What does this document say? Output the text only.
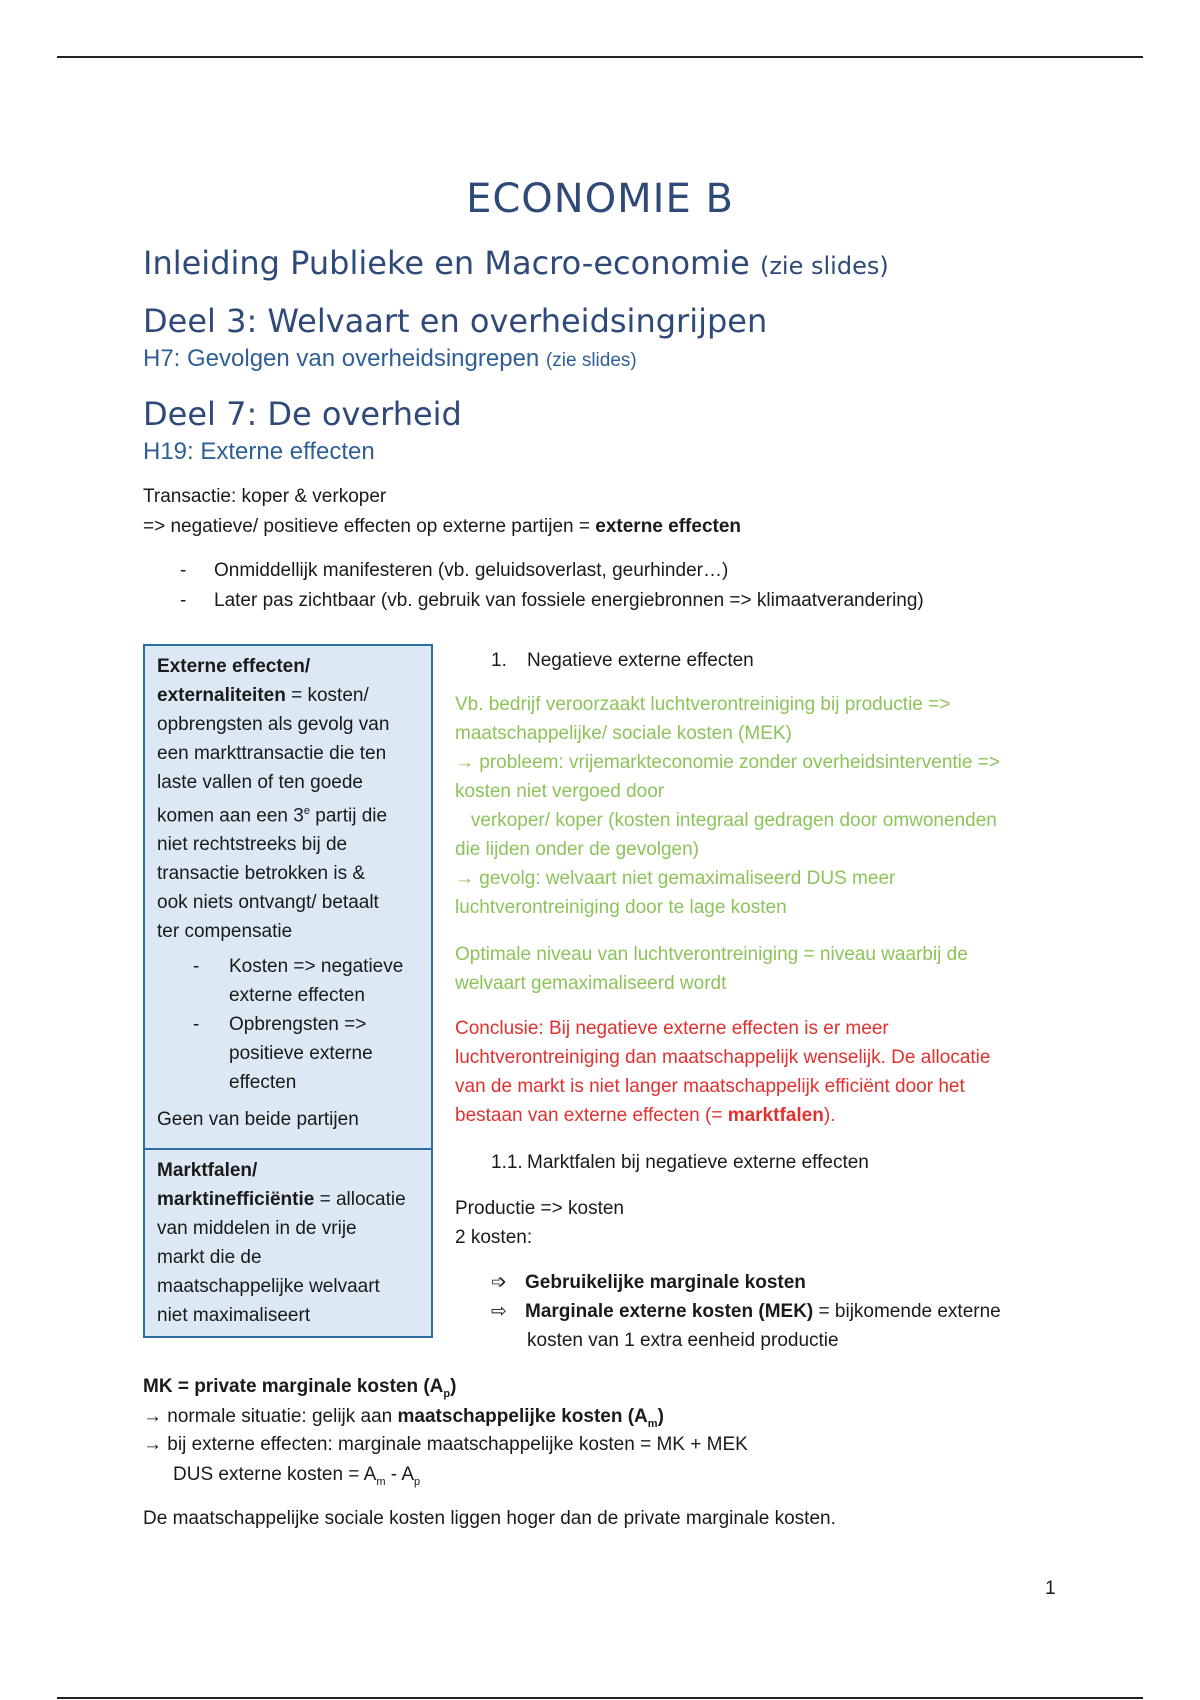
ECONOMIE B
Inleiding Publieke en Macro-economie (zie slides)
Deel 3: Welvaart en overheidsingrijpen
H7: Gevolgen van overheidsingrepen (zie slides)
Deel 7: De overheid
H19: Externe effecten
Transactie: koper & verkoper
=> negatieve/ positieve effecten op externe partijen = externe effecten
- Onmiddellijk manifesteren (vb. geluidsoverlast, geurhinder…)
- Later pas zichtbaar (vb. gebruik van fossiele energiebronnen => klimaatverandering)
Externe effecten/
externaliteiten = kosten/
opbrengsten als gevolg van
een markttransactie die ten
laste vallen of ten goede
komen aan een 3e partij die
niet rechtstreeks bij de
transactie betrokken is &
ook niets ontvangt/ betaalt
ter compensatie
- Kosten => negatieve
externe effecten
- Opbrengsten =>
positieve externe
effecten
Geen van beide partijen
Marktfalen/
marktinefficiëntie = allocatie
van middelen in de vrije
markt die de
maatschappelijke welvaart
niet maximaliseert
1. Negatieve externe effecten
Vb. bedrijf veroorzaakt luchtverontreiniging bij productie =>
maatschappelijke/ sociale kosten (MEK)
→ probleem: vrijemarkteconomie zonder overheidsinterventie =>
kosten niet vergoed door
verkoper/ koper (kosten integraal gedragen door omwonenden
die lijden onder de gevolgen)
→ gevolg: welvaart niet gemaximaliseerd DUS meer
luchtverontreiniging door te lage kosten
Optimale niveau van luchtverontreiniging = niveau waarbij de
welvaart gemaximaliseerd wordt
Conclusie: Bij negatieve externe effecten is er meer
luchtverontreiniging dan maatschappelijk wenselijk. De allocatie
van de markt is niet langer maatschappelijk efficiënt door het
bestaan van externe effecten (= marktfalen).
1.1. Marktfalen bij negatieve externe effecten
Productie => kosten
2 kosten:
➩ Gebruikelijke marginale kosten
⇨ Marginale externe kosten (MEK) = bijkomende externe
kosten van 1 extra eenheid productie
MK = private marginale kosten $(A_p)$
→ normale situatie: gelijk aan maatschappelijke kosten $(A_m)$
→ bij externe effecten: marginale maatschappelijke kosten = MK + MEK
DUS externe kosten = $A_m - A_p$
De maatschappelijke sociale kosten liggen hoger dan de private marginale kosten.
1
